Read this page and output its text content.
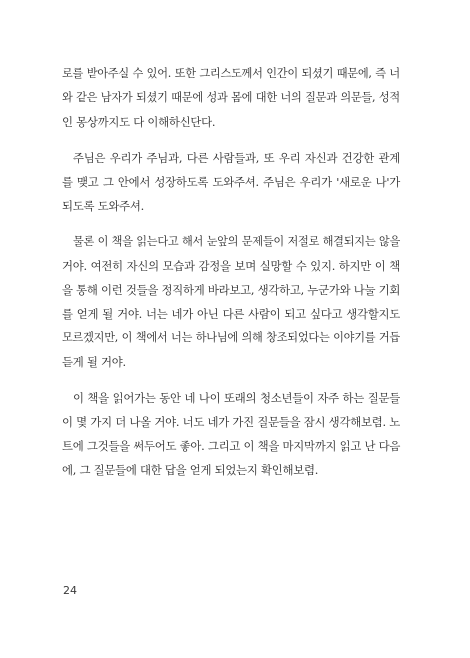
로를 받아주실 수 있어. 또한 그리스도께서 인간이 되셨기 때문에, 즉 너
와 같은 남자가 되셨기 때문에 성과 몸에 대한 너의 질문과 의문들, 성적
인 몽상까지도 다 이해하신단다.

주님은 우리가 주님과, 다른 사람들과, 또 우리 자신과 건강한 관계
를 맺고 그 안에서 성장하도록 도와주셔. 주님은 우리가 '새로운 나'가
되도록 도와주셔.

물론 이 책을 읽는다고 해서 눈앞의 문제들이 저절로 해결되지는 않을
거야. 여전히 자신의 모습과 감정을 보며 실망할 수 있지. 하지만 이 책
을 통해 이런 것들을 정직하게 바라보고, 생각하고, 누군가와 나눌 기회
를 얻게 될 거야. 너는 네가 아닌 다른 사람이 되고 싶다고 생각할지도
모르겠지만, 이 책에서 너는 하나님에 의해 창조되었다는 이야기를 거듭
듣게 될 거야.

이 책을 읽어가는 동안 네 나이 또래의 청소년들이 자주 하는 질문들
이 몇 가지 더 나올 거야. 너도 네가 가진 질문들을 잠시 생각해보렴. 노
트에 그것들을 써두어도 좋아. 그리고 이 책을 마지막까지 읽고 난 다음
에, 그 질문들에 대한 답을 얻게 되었는지 확인해보렴.

24
